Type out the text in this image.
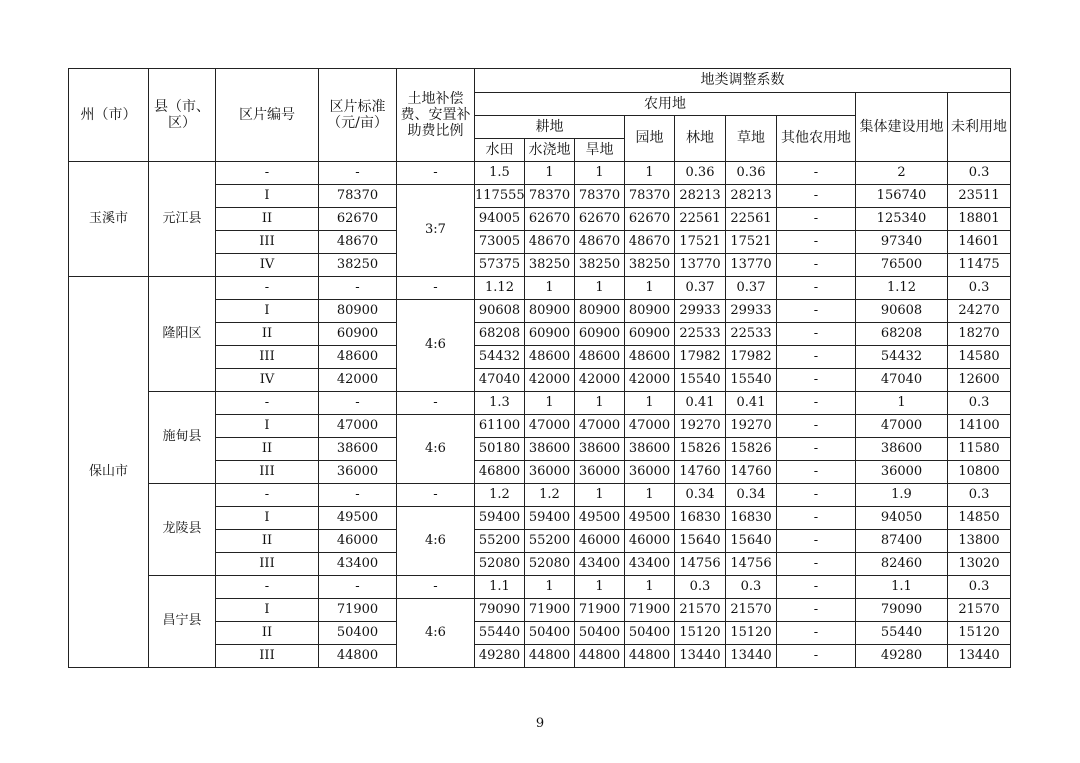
州（市）	县（市、区）	区片编号	区片标准（元/亩）	土地补偿费、安置补助费比例	地类调整系数								
					农用地							集体建设用地	未利用地
					耕地			园地	林地	草地	其他农用地		
					水田	水浇地	旱地						
玉溪市	元江县	-	-	-	1.5	1	1	1	0.36	0.36	-	2	0.3
		I	78370	3:7	117555	78370	78370	78370	28213	28213	-	156740	23511
		II	62670		94005	62670	62670	62670	22561	22561	-	125340	18801
		III	48670		73005	48670	48670	48670	17521	17521	-	97340	14601
		IV	38250		57375	38250	38250	38250	13770	13770	-	76500	11475
保山市	隆阳区	-	-	-	1.12	1	1	1	0.37	0.37	-	1.12	0.3
		I	80900	4:6	90608	80900	80900	80900	29933	29933	-	90608	24270
		II	60900		68208	60900	60900	60900	22533	22533	-	68208	18270
		III	48600		54432	48600	48600	48600	17982	17982	-	54432	14580
		IV	42000		47040	42000	42000	42000	15540	15540	-	47040	12600
	施甸县	-	-	-	1.3	1	1	1	0.41	0.41	-	1	0.3
		I	47000	4:6	61100	47000	47000	47000	19270	19270	-	47000	14100
		II	38600		50180	38600	38600	38600	15826	15826	-	38600	11580
		III	36000		46800	36000	36000	36000	14760	14760	-	36000	10800
	龙陵县	-	-	-	1.2	1.2	1	1	0.34	0.34	-	1.9	0.3
		I	49500	4:6	59400	59400	49500	49500	16830	16830	-	94050	14850
		II	46000		55200	55200	46000	46000	15640	15640	-	87400	13800
		III	43400		52080	52080	43400	43400	14756	14756	-	82460	13020
	昌宁县	-	-	-	1.1	1	1	1	0.3	0.3	-	1.1	0.3
		I	71900	4:6	79090	71900	71900	71900	21570	21570	-	79090	21570
		II	50400		55440	50400	50400	50400	15120	15120	-	55440	15120
		III	44800		49280	44800	44800	44800	13440	13440	-	49280	13440
9
